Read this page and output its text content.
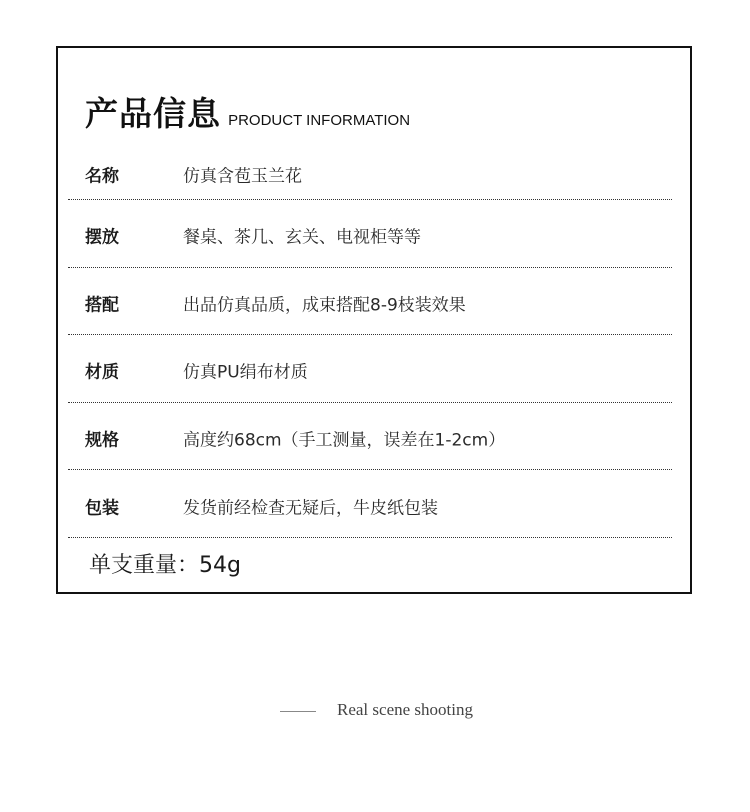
产品信息 PRODUCT INFORMATION
名称	仿真含苞玉兰花
摆放	餐桌、茶几、玄关、电视柜等等
搭配	出品仿真品质，成束搭配8-9枝装效果
材质	仿真PU绢布材质
规格	高度约68cm（手工测量，误差在1-2cm）
包装	发货前经检查无疑后，牛皮纸包装
单支重量：54g
Real scene shooting
